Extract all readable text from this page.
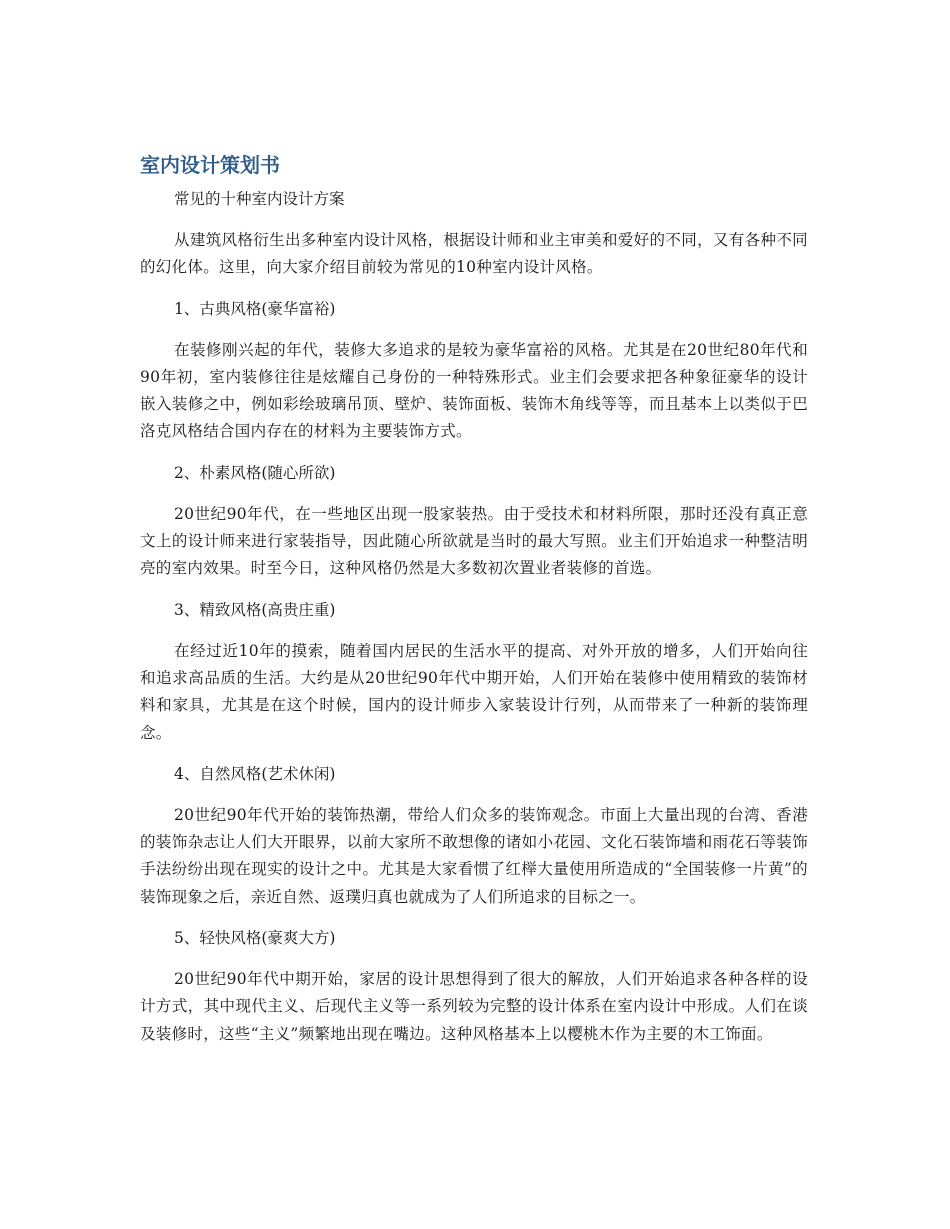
室内设计策划书

常见的十种室内设计方案

从建筑风格衍生出多种室内设计风格，根据设计师和业主审美和爱好的不同，又有各种不同的幻化体。这里，向大家介绍目前较为常见的10种室内设计风格。

1、古典风格(豪华富裕)

在装修刚兴起的年代，装修大多追求的是较为豪华富裕的风格。尤其是在20世纪80年代和90年初，室内装修往往是炫耀自己身份的一种特殊形式。业主们会要求把各种象征豪华的设计嵌入装修之中，例如彩绘玻璃吊顶、壁炉、装饰面板、装饰木角线等等，而且基本上以类似于巴洛克风格结合国内存在的材料为主要装饰方式。

2、朴素风格(随心所欲)

20世纪90年代，在一些地区出现一股家装热。由于受技术和材料所限，那时还没有真正意文上的设计师来进行家装指导，因此随心所欲就是当时的最大写照。业主们开始追求一种整洁明亮的室内效果。时至今日，这种风格仍然是大多数初次置业者装修的首选。

3、精致风格(高贵庄重)

在经过近10年的摸索，随着国内居民的生活水平的提高、对外开放的增多，人们开始向往和追求高品质的生活。大约是从20世纪90年代中期开始，人们开始在装修中使用精致的装饰材料和家具，尤其是在这个时候，国内的设计师步入家装设计行列，从而带来了一种新的装饰理念。

4、自然风格(艺术休闲)

20世纪90年代开始的装饰热潮，带给人们众多的装饰观念。市面上大量出现的台湾、香港的装饰杂志让人们大开眼界，以前大家所不敢想像的诸如小花园、文化石装饰墙和雨花石等装饰手法纷纷出现在现实的设计之中。尤其是大家看惯了红榉大量使用所造成的“全国装修一片黄”的装饰现象之后，亲近自然、返璞归真也就成为了人们所追求的目标之一。

5、轻快风格(豪爽大方)

20世纪90年代中期开始，家居的设计思想得到了很大的解放，人们开始追求各种各样的设计方式，其中现代主义、后现代主义等一系列较为完整的设计体系在室内设计中形成。人们在谈及装修时，这些“主义”频繁地出现在嘴边。这种风格基本上以樱桃木作为主要的木工饰面。
